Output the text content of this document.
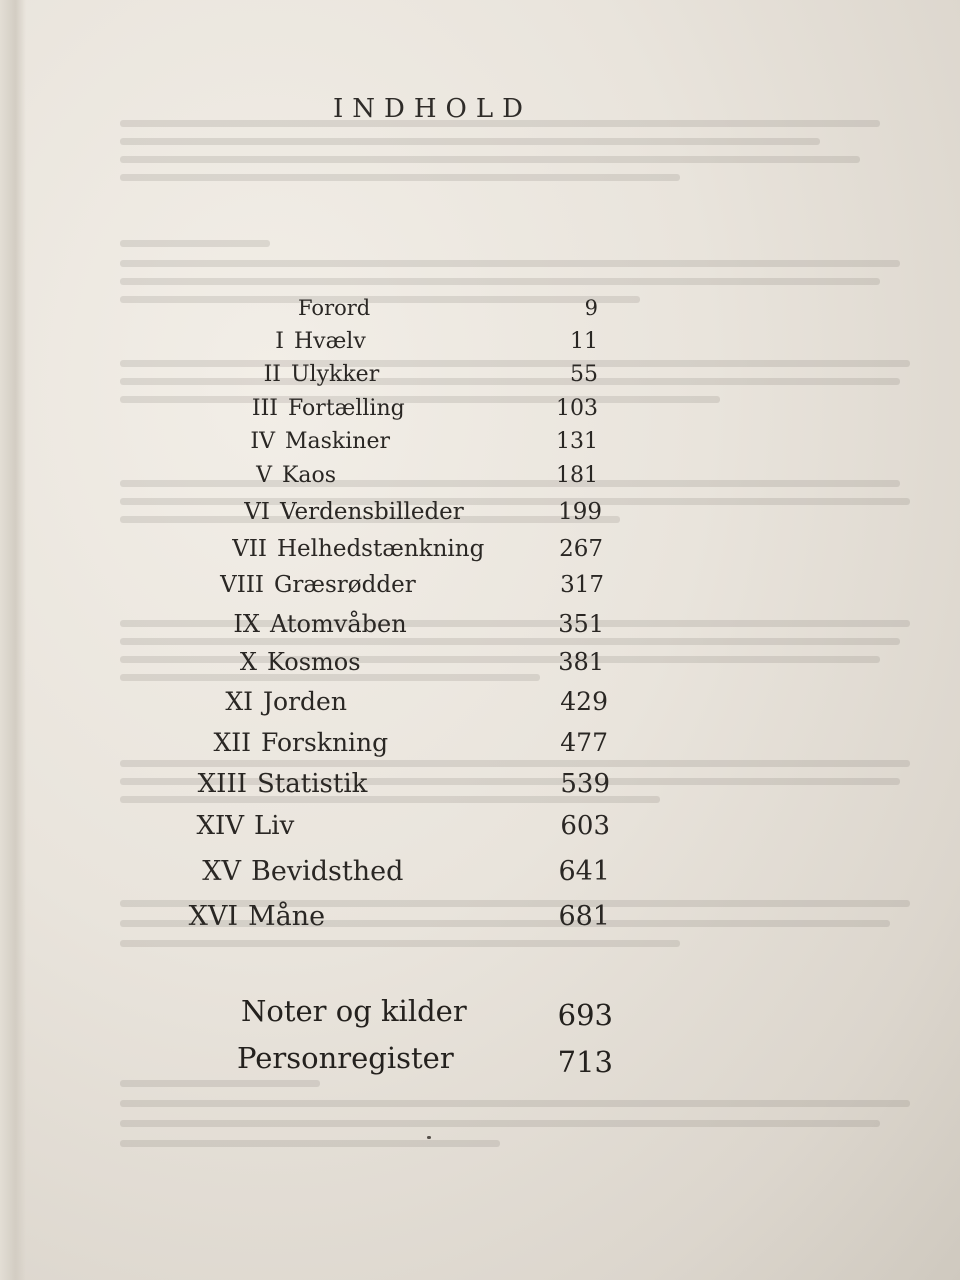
INDHOLD
Forord	9
I Hvælv	11
II Ulykker	55
III Fortælling	103
IV Maskiner	131
V Kaos	181
VI Verdensbilleder	199
VII Helhedstænkning	267
VIII Græsrødder	317
IX Atomvåben	351
X Kosmos	381
XI Jorden	429
XII Forskning	477
XIII Statistik	539
XIV Liv	603
XV Bevidsthed	641
XVI Måne	681
Noter og kilder	693
Personregister	713
